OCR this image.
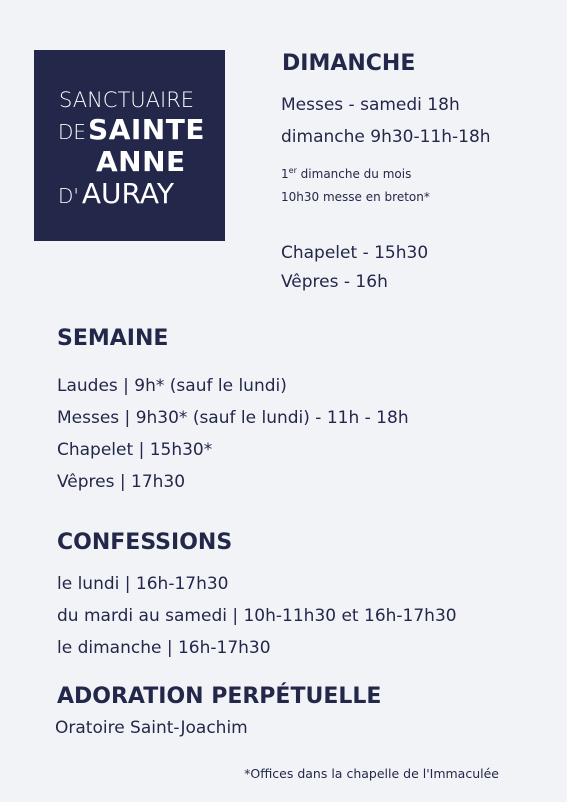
SANCTUAIRE
DESAINTE
ANNE
D' AURAY
DIMANCHE
Messes - samedi 18h
dimanche 9h30-11h-18h
1er dimanche du mois
10h30 messe en breton*
Chapelet - 15h30
Vêpres - 16h
SEMAINE
Laudes | 9h* (sauf le lundi)
Messes | 9h30* (sauf le lundi) - 11h - 18h
Chapelet | 15h30*
Vêpres | 17h30
CONFESSIONS
le lundi | 16h-17h30
du mardi au samedi | 10h-11h30 et 16h-17h30
le dimanche | 16h-17h30
ADORATION PERPÉTUELLE
Oratoire Saint-Joachim
*Offices dans la chapelle de l'Immaculée
